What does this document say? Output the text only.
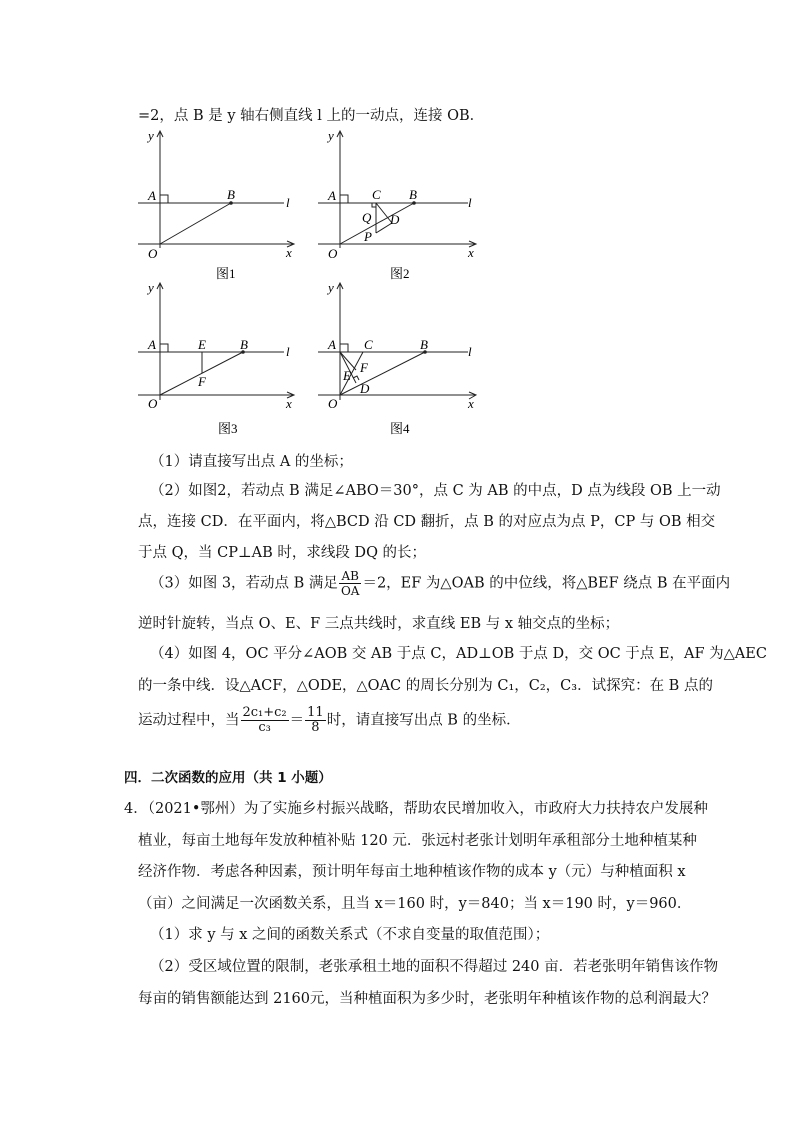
=2，点 B 是 y 轴右侧直线 l 上的一动点，连接 OB．
y
A	B
l
O	x
图1
y
A	C B
l
Q D
P
O	x
图2
y
A	E	B	l
F
O	x
图3
y
A C	B	l
F
E
D
O	x
图4
（1）请直接写出点 A 的坐标；
（2）如图2，若动点 B 满足∠ABO＝30°，点 C 为 AB 的中点，D 点为线段 OB 上一动
点，连接 CD．在平面内，将△BCD 沿 CD 翻折，点 B 的对应点为点 P，CP 与 OB 相交
于点 Q，当 CP⊥AB 时，求线段 DQ 的长；
（3）如图 3，若动点 B 满足 $\frac{AB}{OA} =2$，EF 为△OAB 的中位线，将△BEF 绕点 B 在平面内
逆时针旋转，当点 O、E、F 三点共线时，求直线 EB 与 x 轴交点的坐标；
（4）如图 4，OC 平分∠AOB 交 AB 于点 C，AD⊥OB 于点 D，交 OC 于点 E，AF 为△AEC
的一条中线．设△ACF，△ODE，△OAC 的周长分别为 C₁，C₂，C₃．试探究：在 B 点的
运动过程中，当 $\frac{\text{2c₁+c₂}}{\text{c₃}} = \frac{11}{8}$ 时，请直接写出点 B 的坐标．
四．二次函数的应用（共 1 小题）
4．（2021•鄂州）为了实施乡村振兴战略，帮助农民增加收入，市政府大力扶持农户发展种
植业，每亩土地每年发放种植补贴 120 元．张远村老张计划明年承租部分土地种植某种
经济作物．考虑各种因素，预计明年每亩土地种植该作物的成本 y（元）与种植面积 x
（亩）之间满足一次函数关系，且当 x＝160 时，y＝840；当 x＝190 时，y＝960．
（1）求 y 与 x 之间的函数关系式（不求自变量的取值范围）；
（2）受区域位置的限制，老张承租土地的面积不得超过 240 亩．若老张明年销售该作物
每亩的销售额能达到 2160元，当种植面积为多少时，老张明年种植该作物的总利润最大？
